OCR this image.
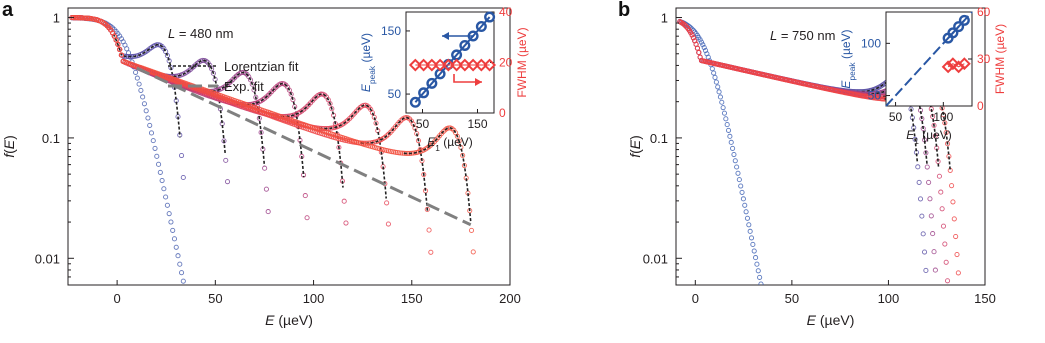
0	50	100	150	200
0.01
0.1
1
E (µeV)
f(E)
a
L = 480 nm
Lorentzian fit
Exp. fit
50	150
50
150
0
20
40
$E_1$ (µeV)
$E_{peak}$ (µeV)	FWHM (µeV)
0	50	100	150
0.01
0.1
1
E (µeV)
f(E)
b
L = 750 nm
50	100
50
100
0
30
60
$E_1$ (µeV)
$E_{peak}$ (µeV)	FWHM (µeV)
